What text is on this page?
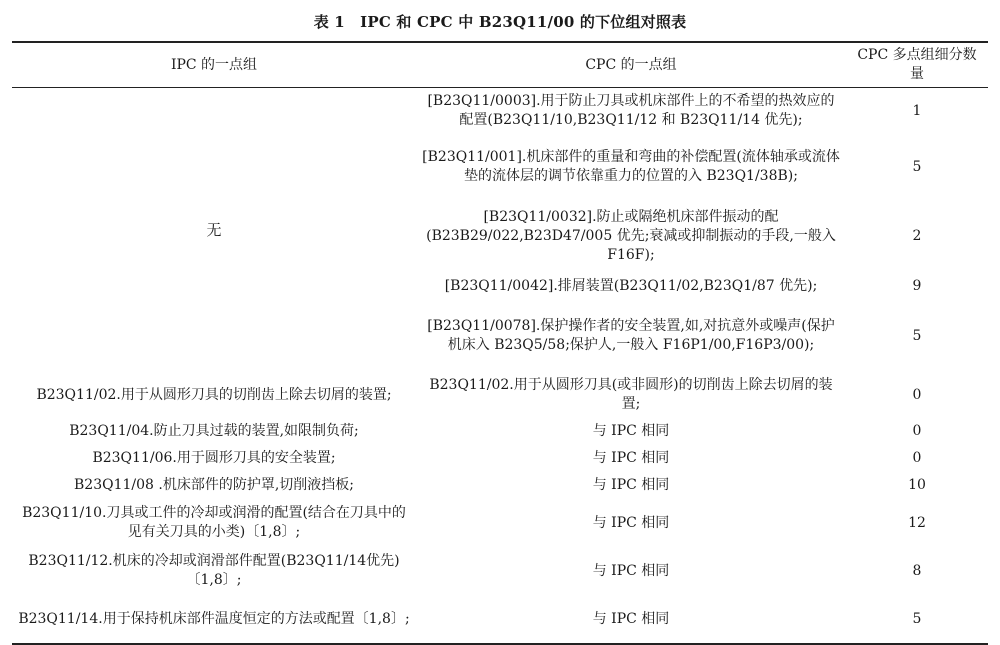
表 1　IPC 和 CPC 中 B23Q11/00 的下位组对照表
IPC 的一点组	CPC 的一点组	CPC 多点组细分数量
无	[B23Q11/0003].用于防止刀具或机床部件上的不希望的热效应的配置(B23Q11/10,B23Q11/12 和 B23Q11/14 优先);	1
	[B23Q11/001].机床部件的重量和弯曲的补偿配置(流体轴承或流体垫的流体层的调节依靠重力的位置的入 B23Q1/38B);	5
	[B23Q11/0032].防止或隔绝机床部件振动的配(B23B29/022,B23D47/005 优先;衰减或抑制振动的手段,一般入 F16F);	2
	[B23Q11/0042].排屑装置(B23Q11/02,B23Q1/87 优先);	9
	[B23Q11/0078].保护操作者的安全装置,如,对抗意外或噪声(保护机床入 B23Q5/58;保护人,一般入 F16P1/00,F16P3/00);	5
B23Q11/02.用于从圆形刀具的切削齿上除去切屑的装置;	B23Q11/02.用于从圆形刀具(或非圆形)的切削齿上除去切屑的装置;	0
B23Q11/04.防止刀具过载的装置,如限制负荷;	与 IPC 相同	0
B23Q11/06.用于圆形刀具的安全装置;	与 IPC 相同	0
B23Q11/08 .机床部件的防护罩,切削液挡板;	与 IPC 相同	10
B23Q11/10.刀具或工件的冷却或润滑的配置(结合在刀具中的见有关刀具的小类)〔1,8〕;	与 IPC 相同	12
B23Q11/12.机床的冷却或润滑部件配置(B23Q11/14优先)〔1,8〕;	与 IPC 相同	8
B23Q11/14.用于保持机床部件温度恒定的方法或配置〔1,8〕;	与 IPC 相同	5
